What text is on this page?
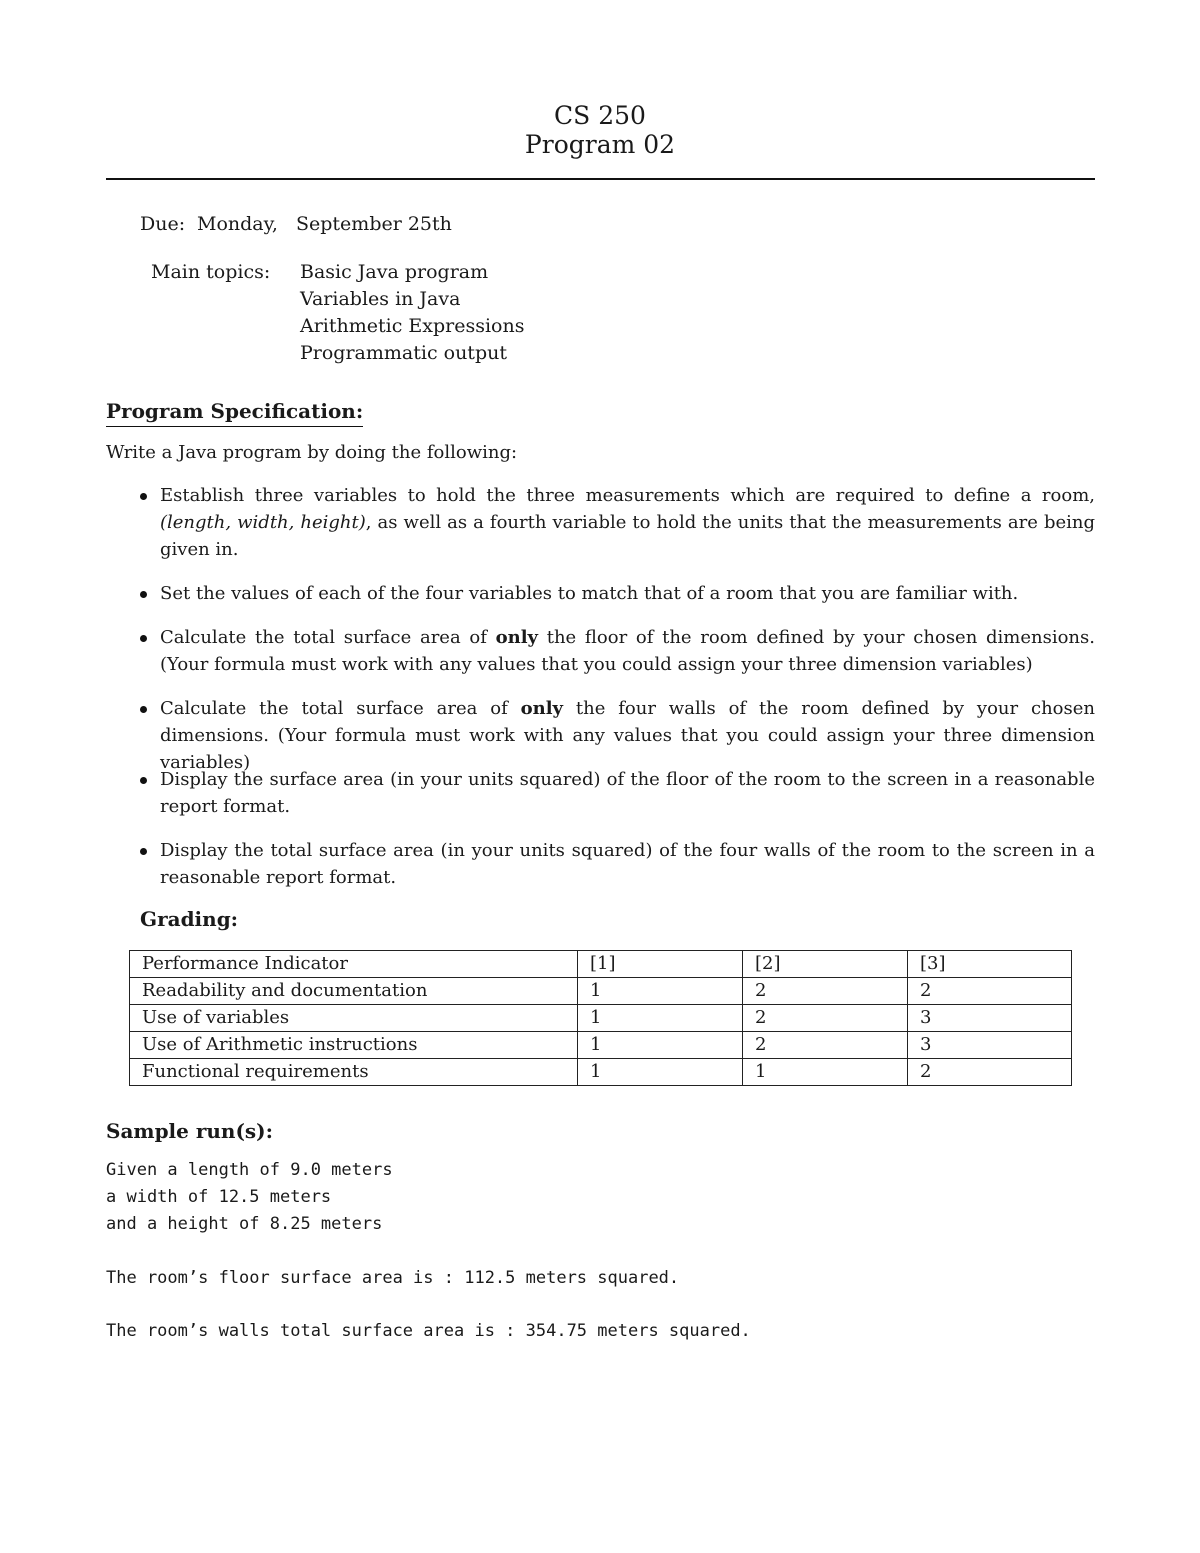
CS 250
Program 02
Due: Monday, September 25th
Main topics: Basic Java program
Variables in Java
Arithmetic Expressions
Programmatic output
Program Specification:
Write a Java program by doing the following:
Establish three variables to hold the three measurements which are required to define a room, (length, width, height), as well as a fourth variable to hold the units that the measurements are being given in.
Set the values of each of the four variables to match that of a room that you are familiar with.
Calculate the total surface area of only the floor of the room defined by your chosen dimensions. (Your formula must work with any values that you could assign your three dimension variables)
Calculate the total surface area of only the four walls of the room defined by your chosen dimensions. (Your formula must work with any values that you could assign your three dimension variables)
Display the surface area (in your units squared) of the floor of the room to the screen in a reasonable report format.
Display the total surface area (in your units squared) of the four walls of the room to the screen in a reasonable report format.
Grading:
Performance Indicator	[1]	[2]	[3]
Readability and documentation	1	2	2
Use of variables	1	2	3
Use of Arithmetic instructions	1	2	3
Functional requirements	1	1	2
Sample run(s):
Given a length of 9.0 meters
a width of 12.5 meters
and a height of 8.25 meters
The room’s floor surface area is : 112.5 meters squared.
The room’s walls total surface area is : 354.75 meters squared.
